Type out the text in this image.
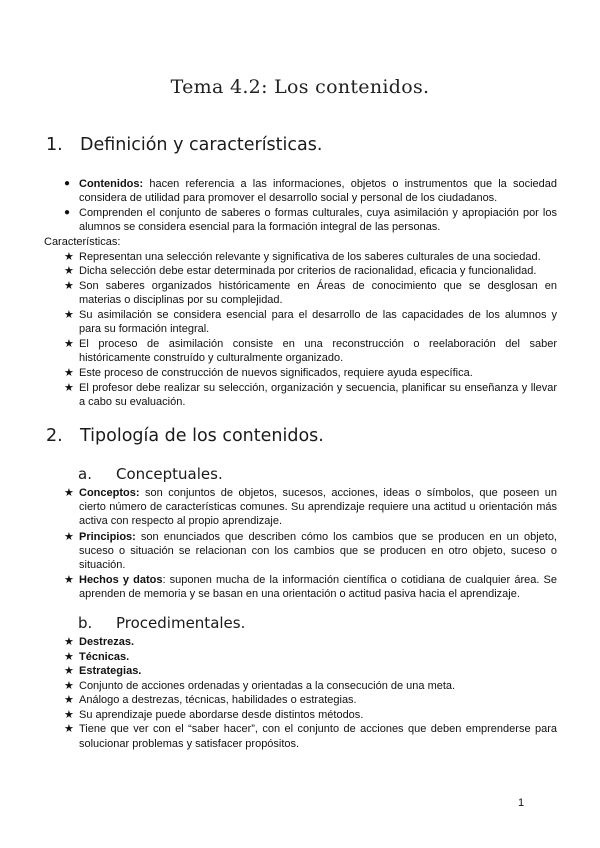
Tema 4.2: Los contenidos.
1. Definición y características.
● Contenidos: hacen referencia a las informaciones, objetos o instrumentos que la sociedad
considera de utilidad para promover el desarrollo social y personal de los ciudadanos.
● Comprenden el conjunto de saberes o formas culturales, cuya asimilación y apropiación por los
alumnos se considera esencial para la formación integral de las personas.
Características:
★ Representan una selección relevante y significativa de los saberes culturales de una sociedad.
★ Dicha selección debe estar determinada por criterios de racionalidad, eficacia y funcionalidad.
★ Son saberes organizados históricamente en Áreas de conocimiento que se desglosan en
materias o disciplinas por su complejidad.
★ Su asimilación se considera esencial para el desarrollo de las capacidades de los alumnos y
para su formación integral.
★ El proceso de asimilación consiste en una reconstrucción o reelaboración del saber
históricamente construído y culturalmente organizado.
★ Este proceso de construcción de nuevos significados, requiere ayuda específica.
★ El profesor debe realizar su selección, organización y secuencia, planificar su enseñanza y llevar
a cabo su evaluación.
2. Tipología de los contenidos.
a. Conceptuales.
★ Conceptos: son conjuntos de objetos, sucesos, acciones, ideas o símbolos, que poseen un
cierto número de características comunes. Su aprendizaje requiere una actitud u orientación más
activa con respecto al propio aprendizaje.
★ Principios: son enunciados que describen cómo los cambios que se producen en un objeto,
suceso o situación se relacionan con los cambios que se producen en otro objeto, suceso o
situación.
★ Hechos y datos: suponen mucha de la información científica o cotidiana de cualquier área. Se
aprenden de memoria y se basan en una orientación o actitud pasiva hacia el aprendizaje.
b. Procedimentales.
★ Destrezas.
★ Técnicas.
★ Estrategias.
★ Conjunto de acciones ordenadas y orientadas a la consecución de una meta.
★ Análogo a destrezas, técnicas, habilidades o estrategias.
★ Su aprendizaje puede abordarse desde distintos métodos.
★ Tiene que ver con el “saber hacer”, con el conjunto de acciones que deben emprenderse para
solucionar problemas y satisfacer propósitos.
1
